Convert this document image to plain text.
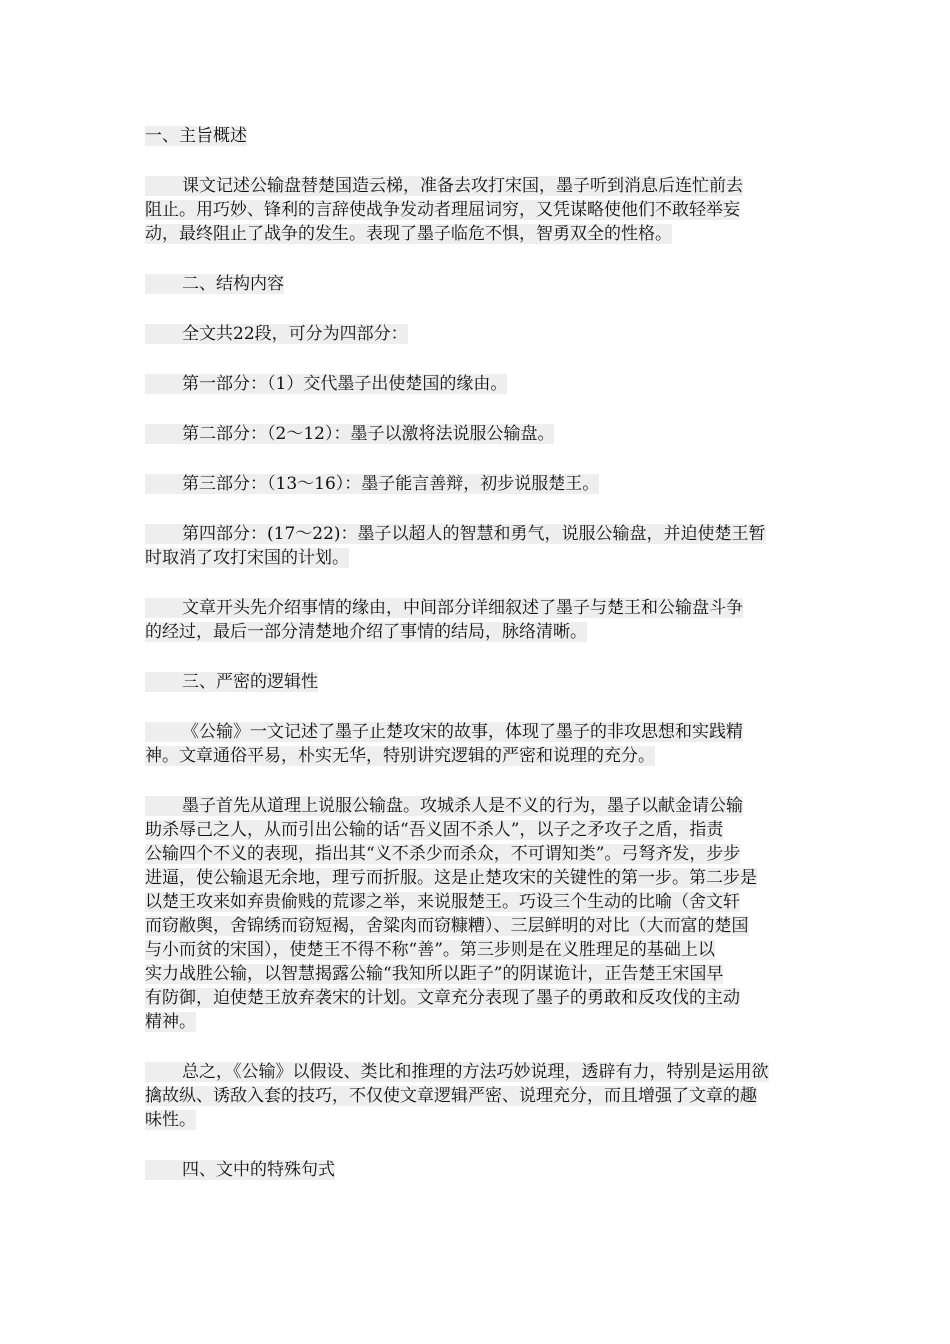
一、主旨概述
课文记述公输盘替楚国造云梯，准备去攻打宋国，墨子听到消息后连忙前去
阻止。用巧妙、锋利的言辞使战争发动者理屈词穷，又凭谋略使他们不敢轻举妄
动，最终阻止了战争的发生。表现了墨子临危不惧，智勇双全的性格。
二、结构内容
全文共22段，可分为四部分：
第一部分：（1）交代墨子出使楚国的缘由。
第二部分：（2～12）：墨子以激将法说服公输盘。
第三部分：（13～16）：墨子能言善辩，初步说服楚王。
第四部分：(17～22)：墨子以超人的智慧和勇气，说服公输盘，并迫使楚王暂
时取消了攻打宋国的计划。
文章开头先介绍事情的缘由，中间部分详细叙述了墨子与楚王和公输盘斗争
的经过，最后一部分清楚地介绍了事情的结局，脉络清晰。
三、严密的逻辑性
《公输》一文记述了墨子止楚攻宋的故事，体现了墨子的非攻思想和实践精
神。文章通俗平易，朴实无华，特别讲究逻辑的严密和说理的充分。
墨子首先从道理上说服公输盘。攻城杀人是不义的行为，墨子以献金请公输
助杀辱己之人，从而引出公输的话“吾义固不杀人”，以子之矛攻子之盾，指责
公输四个不义的表现，指出其“义不杀少而杀众，不可谓知类”。弓弩齐发，步步
进逼，使公输退无余地，理亏而折服。这是止楚攻宋的关键性的第一步。第二步是
以楚王攻来如弃贵偷贱的荒谬之举，来说服楚王。巧设三个生动的比喻（舍文轩
而窃敝舆，舍锦绣而窃短褐，舍粱肉而窃糠糟）、三层鲜明的对比（大而富的楚国
与小而贫的宋国），使楚王不得不称“善”。第三步则是在义胜理足的基础上以
实力战胜公输，以智慧揭露公输“我知所以距子”的阴谋诡计，正告楚王宋国早
有防御，迫使楚王放弃袭宋的计划。文章充分表现了墨子的勇敢和反攻伐的主动
精神。
总之，《公输》以假设、类比和推理的方法巧妙说理，透辟有力，特别是运用欲
擒故纵、诱敌入套的技巧，不仅使文章逻辑严密、说理充分，而且增强了文章的趣
味性。
四、文中的特殊句式
